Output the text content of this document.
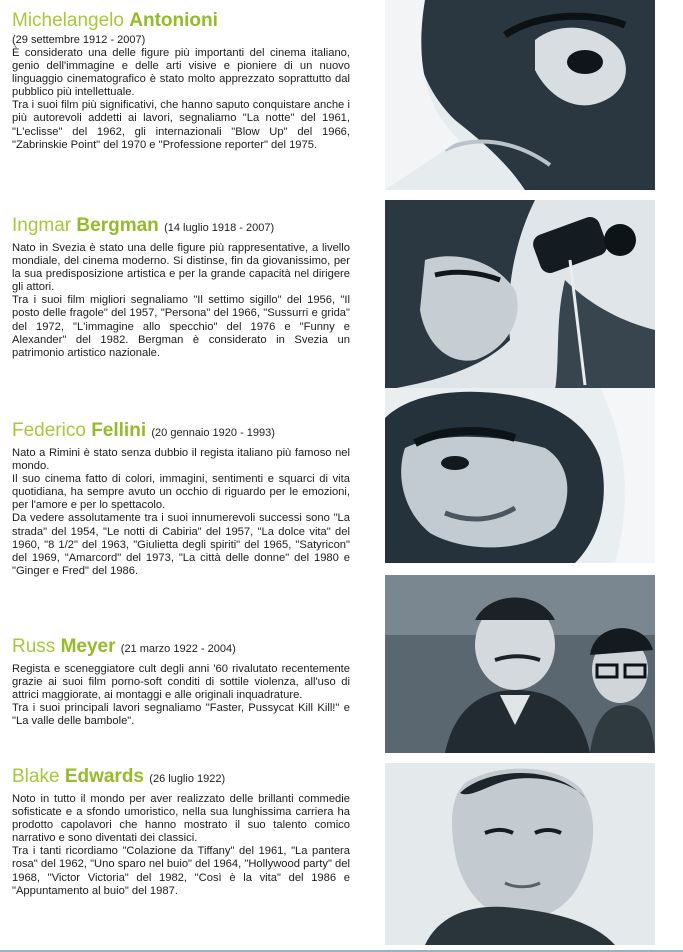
Michelangelo Antonioni
(29 settembre 1912 - 2007)

È considerato una delle figure più importanti del cinema italiano, genio dell'immagine e delle arti visive e pioniere di un nuovo linguaggio cinematografico è stato molto apprezzato soprattutto dal pubblico più intellettuale.

Tra i suoi film più significativi, che hanno saputo conquistare anche i più autorevoli addetti ai lavori, segnaliamo "La notte" del 1961, "L'eclisse" del 1962, gli internazionali "Blow Up" del 1966, "Zabrinskie Point" del 1970 e "Professione reporter" del 1975.

Ingmar Bergman (14 luglio 1918 - 2007)

Nato in Svezia è stato una delle figure più rappresentative, a livello mondiale, del cinema moderno. Si distinse, fin da giovanissimo, per la sua predisposizione artistica e per la grande capacità nel dirigere gli attori.

Tra i suoi film migliori segnaliamo "Il settimo sigillo" del 1956, "Il posto delle fragole" del 1957, "Persona" del 1966, "Sussurri e grida" del 1972, "L'immagine allo specchio" del 1976 e "Funny e Alexander" del 1982. Bergman è considerato in Svezia un patrimonio artistico nazionale.

Federico Fellini (20 gennaio 1920 - 1993)

Nato a Rimini è stato senza dubbio il regista italiano più famoso nel mondo.

Il suo cinema fatto di colori, immagini, sentimenti e squarci di vita quotidiana, ha sempre avuto un occhio di riguardo per le emozioni, per l'amore e per lo spettacolo.

Da vedere assolutamente tra i suoi innumerevoli successi sono "La strada" del 1954, "Le notti di Cabiria" del 1957, "La dolce vita" del 1960, "8 1/2" del 1963, "Giulietta degli spiriti" del 1965, "Satyricon" del 1969, "Amarcord" del 1973, "La città delle donne" del 1980 e "Ginger e Fred" del 1986.

Russ Meyer (21 marzo 1922 - 2004)

Regista e sceneggiatore cult degli anni '60 rivalutato recentemente grazie ai suoi film porno-soft conditi di sottile violenza, all'uso di attrici maggiorate, ai montaggi e alle originali inquadrature.

Tra i suoi principali lavori segnaliamo "Faster, Pussycat Kill Kill!" e "La valle delle bambole".

Blake Edwards (26 luglio 1922)

Noto in tutto il mondo per aver realizzato delle brillanti commedie sofisticate e a sfondo umoristico, nella sua lunghissima carriera ha prodotto capolavori che hanno mostrato il suo talento comico narrativo e sono diventati dei classici.

Tra i tanti ricordiamo "Colazione da Tiffany" del 1961, "La pantera rosa" del 1962, "Uno sparo nel buio" del 1964, "Hollywood party" del 1968, "Victor Victoria" del 1982, "Così è la vita" del 1986 e "Appuntamento al buio" del 1987.
